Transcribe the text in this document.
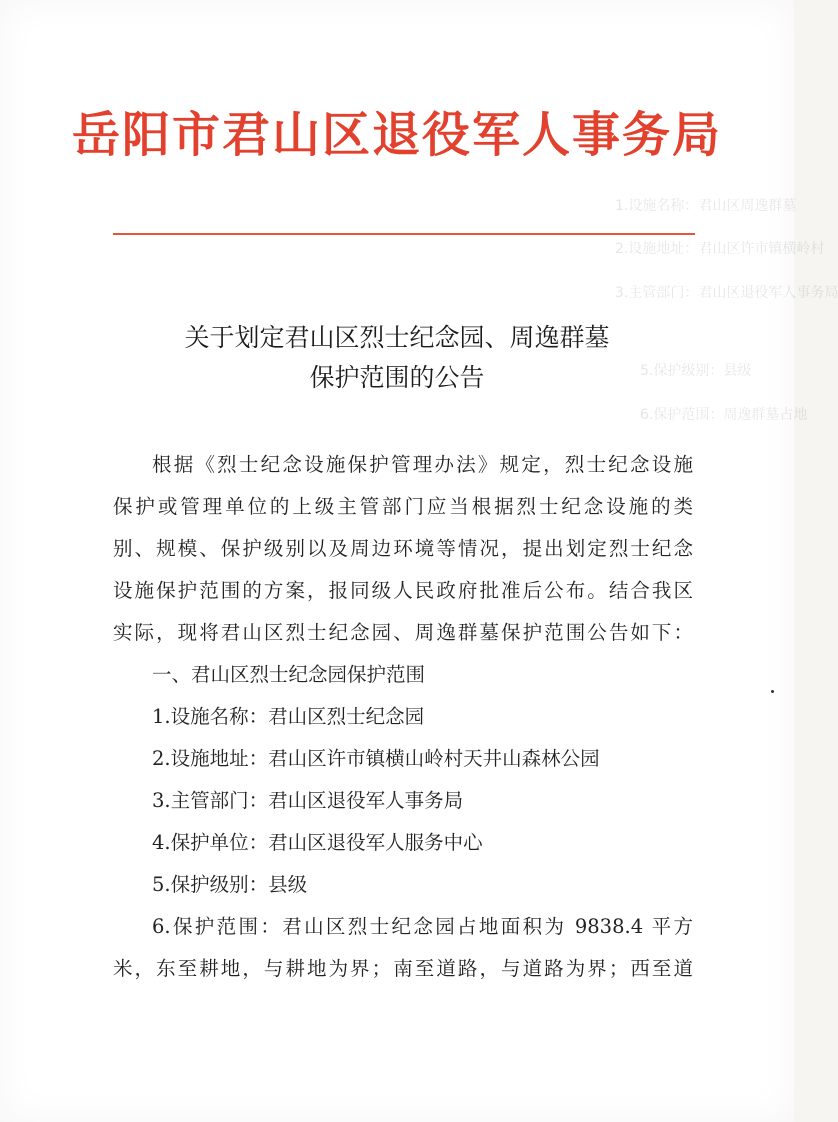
1.设施名称：君山区周逸群墓
2.设施地址：君山区许市镇横岭村
3.主管部门：君山区退役军人事务局
5.保护级别：县级
6.保护范围：周逸群墓占地
岳阳市君山区退役军人事务局
关于划定君山区烈士纪念园、周逸群墓
保护范围的公告
根据《烈士纪念设施保护管理办法》规定，烈士纪念设施
保护或管理单位的上级主管部门应当根据烈士纪念设施的类
别、规模、保护级别以及周边环境等情况，提出划定烈士纪念
设施保护范围的方案，报同级人民政府批准后公布。结合我区
实际，现将君山区烈士纪念园、周逸群墓保护范围公告如下：
一、君山区烈士纪念园保护范围
1.设施名称：君山区烈士纪念园
2.设施地址：君山区许市镇横山岭村天井山森林公园
3.主管部门：君山区退役军人事务局
4.保护单位：君山区退役军人服务中心
5.保护级别：县级
6.保护范围：君山区烈士纪念园占地面积为 9838.4 平方
米，东至耕地，与耕地为界；南至道路，与道路为界；西至道
